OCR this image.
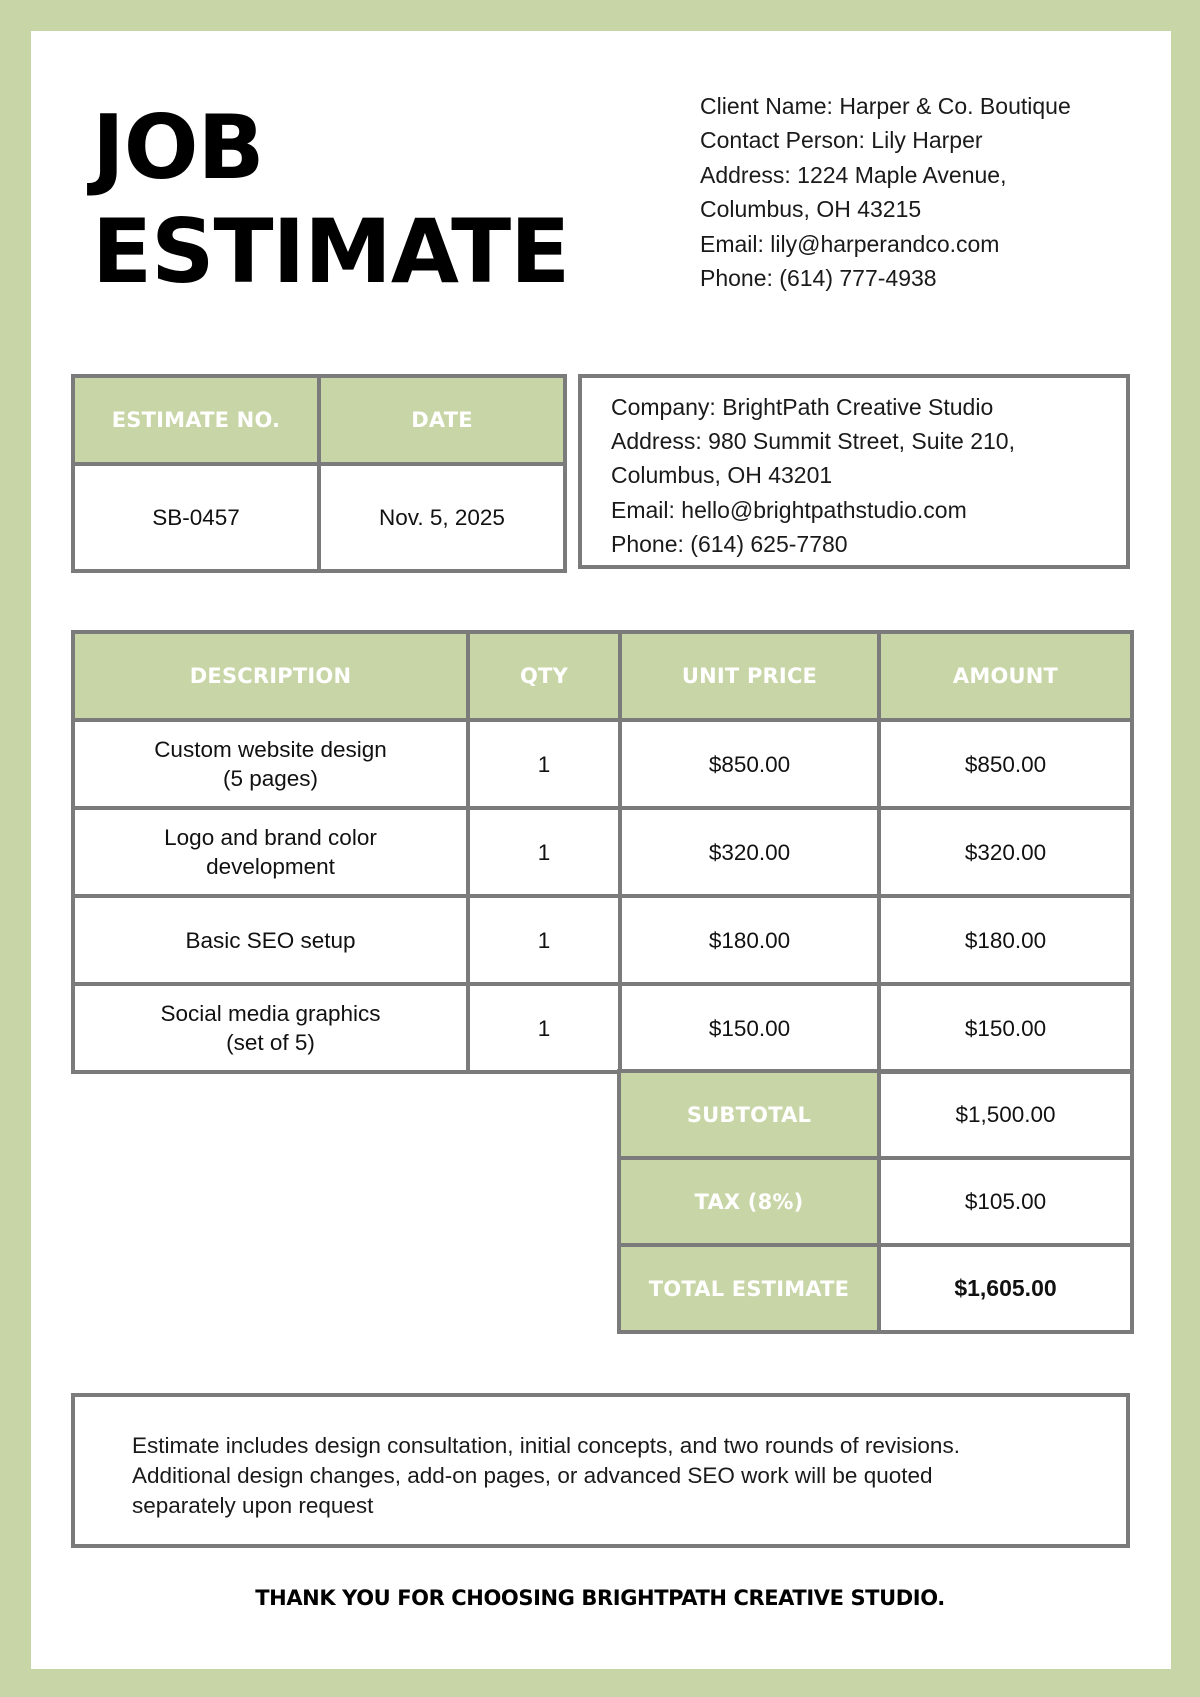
JOB
ESTIMATE
Client Name: Harper & Co. Boutique
Contact Person: Lily Harper
Address: 1224 Maple Avenue,
Columbus, OH 43215
Email: lily@harperandco.com
Phone: (614) 777-4938
ESTIMATE NO.	DATE
SB-0457	Nov. 5, 2025
Company: BrightPath Creative Studio
Address: 980 Summit Street, Suite 210,
Columbus, OH 43201
Email: hello@brightpathstudio.com
Phone: (614) 625-7780
DESCRIPTION	QTY	UNIT PRICE	AMOUNT

Custom website design
(5 pages)	1	$850.00	$850.00

Logo and brand color
development	1	$320.00	$320.00

Basic SEO setup	1	$180.00	$180.00

Social media graphics
(set of 5)	1	$150.00	$150.00
SUBTOTAL	$1,500.00
TAX (8%)	$105.00
TOTAL ESTIMATE	$1,605.00

Estimate includes design consultation, initial concepts, and two rounds of revisions. Additional design changes, add-on pages, or advanced SEO work will be quoted separately upon request

THANK YOU FOR CHOOSING BRIGHTPATH CREATIVE STUDIO.
